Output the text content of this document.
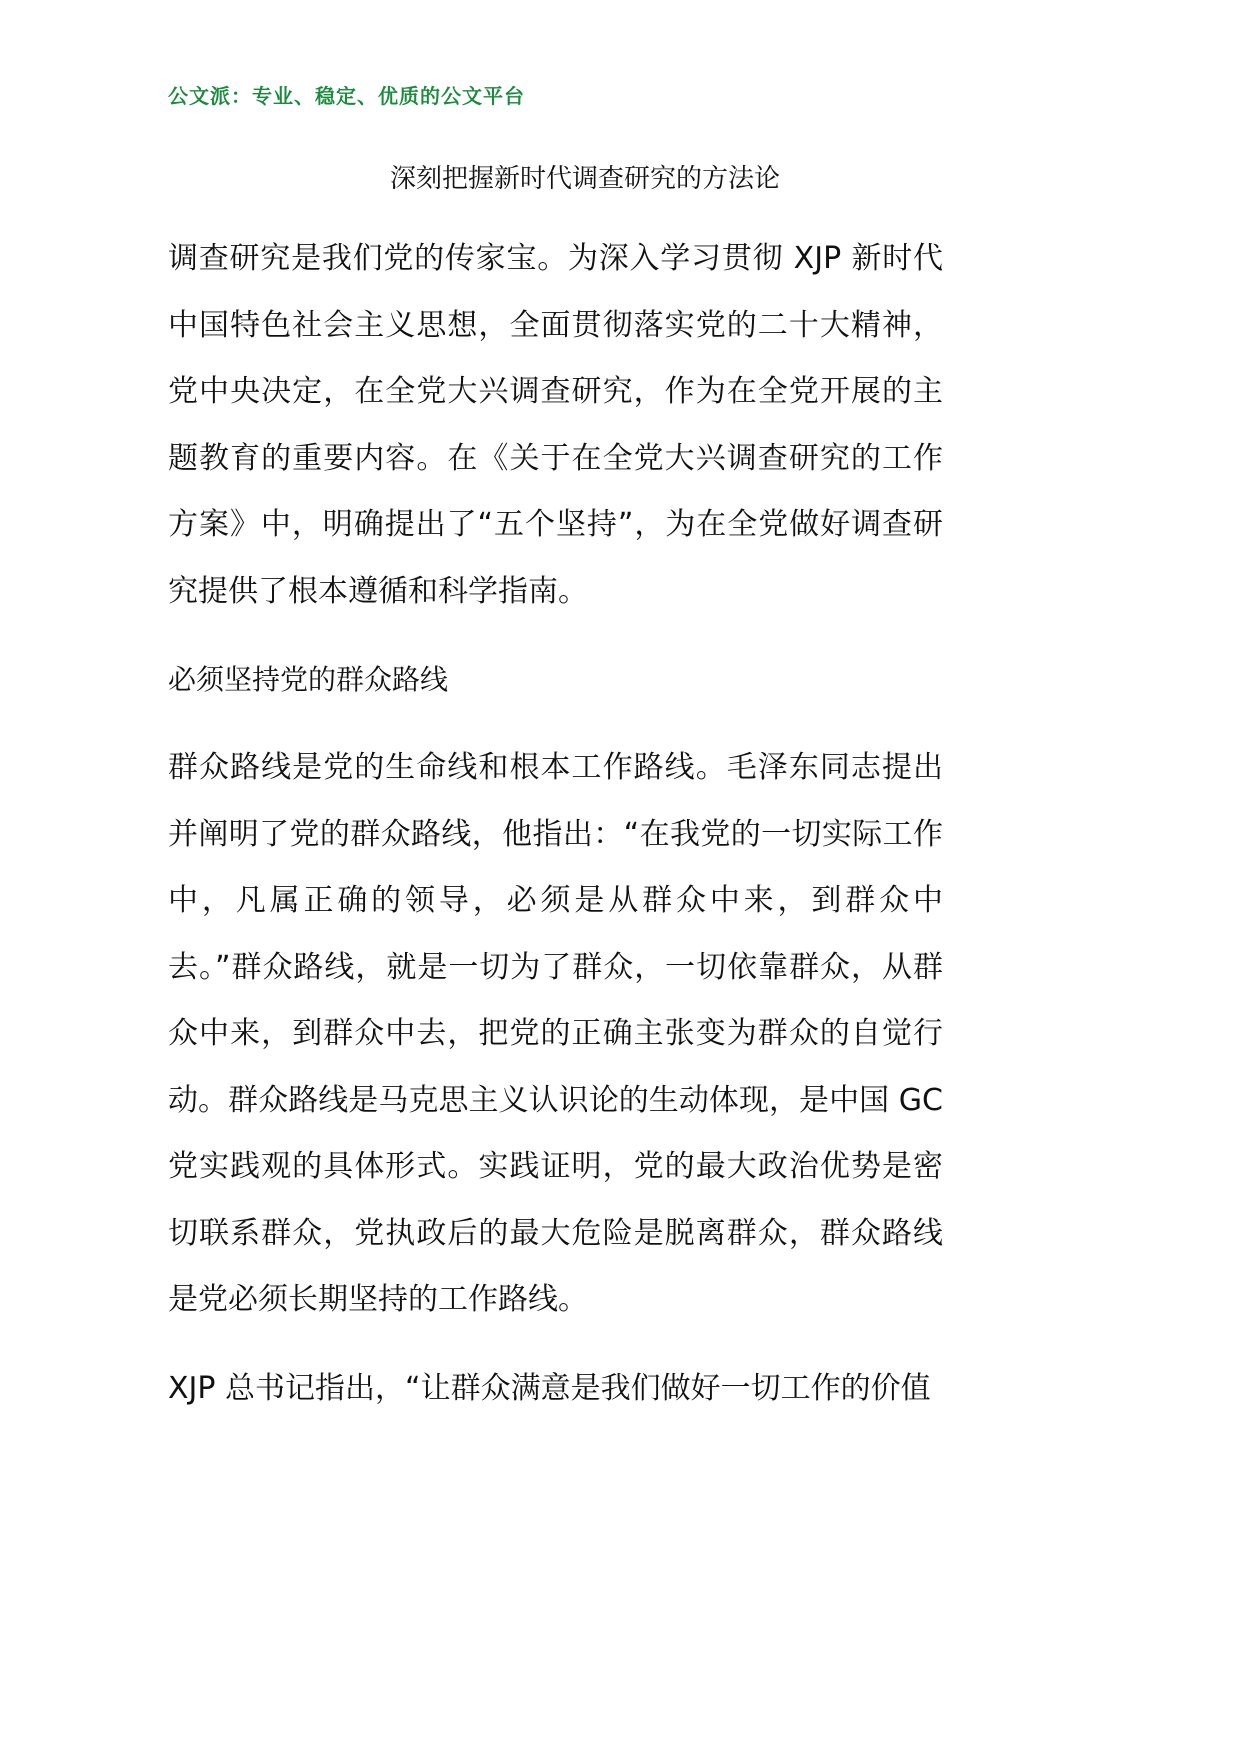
公文派：专业、稳定、优质的公文平台
深刻把握新时代调查研究的方法论

调查研究是我们党的传家宝。为深入学习贯彻 XJP 新时代中国特色社会主义思想，全面贯彻落实党的二十大精神，党中央决定，在全党大兴调查研究，作为在全党开展的主题教育的重要内容。在《关于在全党大兴调查研究的工作方案》中，明确提出了“五个坚持”，为在全党做好调查研究提供了根本遵循和科学指南。

必须坚持党的群众路线

群众路线是党的生命线和根本工作路线。毛泽东同志提出并阐明了党的群众路线，他指出：“在我党的一切实际工作中，凡属正确的领导，必须是从群众中来，到群众中去。”群众路线，就是一切为了群众，一切依靠群众，从群众中来，到群众中去，把党的正确主张变为群众的自觉行动。群众路线是马克思主义认识论的生动体现，是中国 GC 党实践观的具体形式。实践证明，党的最大政治优势是密切联系群众，党执政后的最大危险是脱离群众，群众路线是党必须长期坚持的工作路线。

XJP 总书记指出，“让群众满意是我们做好一切工作的价值
